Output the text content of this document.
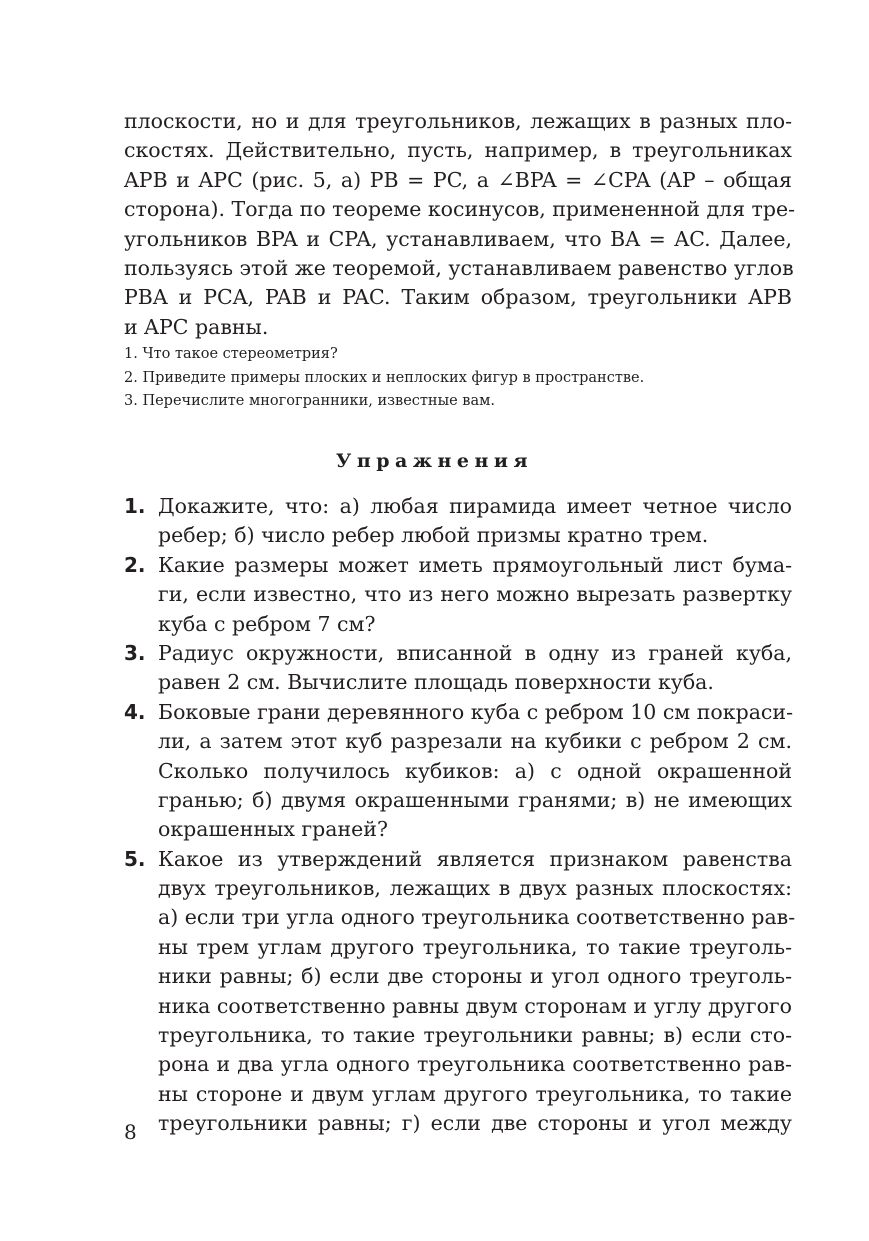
плоскости, но и для треугольников, лежащих в разных пло-
скостях. Действительно, пусть, например, в треугольниках
APB и APC (рис. 5, a) PB = PC, а ∠BPA = ∠CPA (AP – общая
сторона). Тогда по теореме косинусов, примененной для тре-
угольников BPA и CPA, устанавливаем, что BA = AC. Далее,
пользуясь этой же теоремой, устанавливаем равенство углов
PBA и PCA, PAB и PAC. Таким образом, треугольники APB
и APC равны.
1. Что такое стереометрия?
2. Приведите примеры плоских и неплоских фигур в пространстве.
3. Перечислите многогранники, известные вам.
Упражнения
1. Докажите, что: а) любая пирамида имеет четное число
ребер; б) число ребер любой призмы кратно трем.
2. Какие размеры может иметь прямоугольный лист бума-
ги, если известно, что из него можно вырезать развертку
куба с ребром 7 см?
3. Радиус окружности, вписанной в одну из граней куба,
равен 2 см. Вычислите площадь поверхности куба.
4. Боковые грани деревянного куба с ребром 10 см покраси-
ли, а затем этот куб разрезали на кубики с ребром 2 см.
Сколько получилось кубиков: а) с одной окрашенной
гранью; б) двумя окрашенными гранями; в) не имеющих
окрашенных граней?
5. Какое из утверждений является признаком равенства
двух треугольников, лежащих в двух разных плоскостях:
а) если три угла одного треугольника соответственно рав-
ны трем углам другого треугольника, то такие треуголь-
ники равны; б) если две стороны и угол одного треуголь-
ника соответственно равны двум сторонам и углу другого
треугольника, то такие треугольники равны; в) если сто-
рона и два угла одного треугольника соответственно рав-
ны стороне и двум углам другого треугольника, то такие
треугольники равны; г) если две стороны и угол между
8
